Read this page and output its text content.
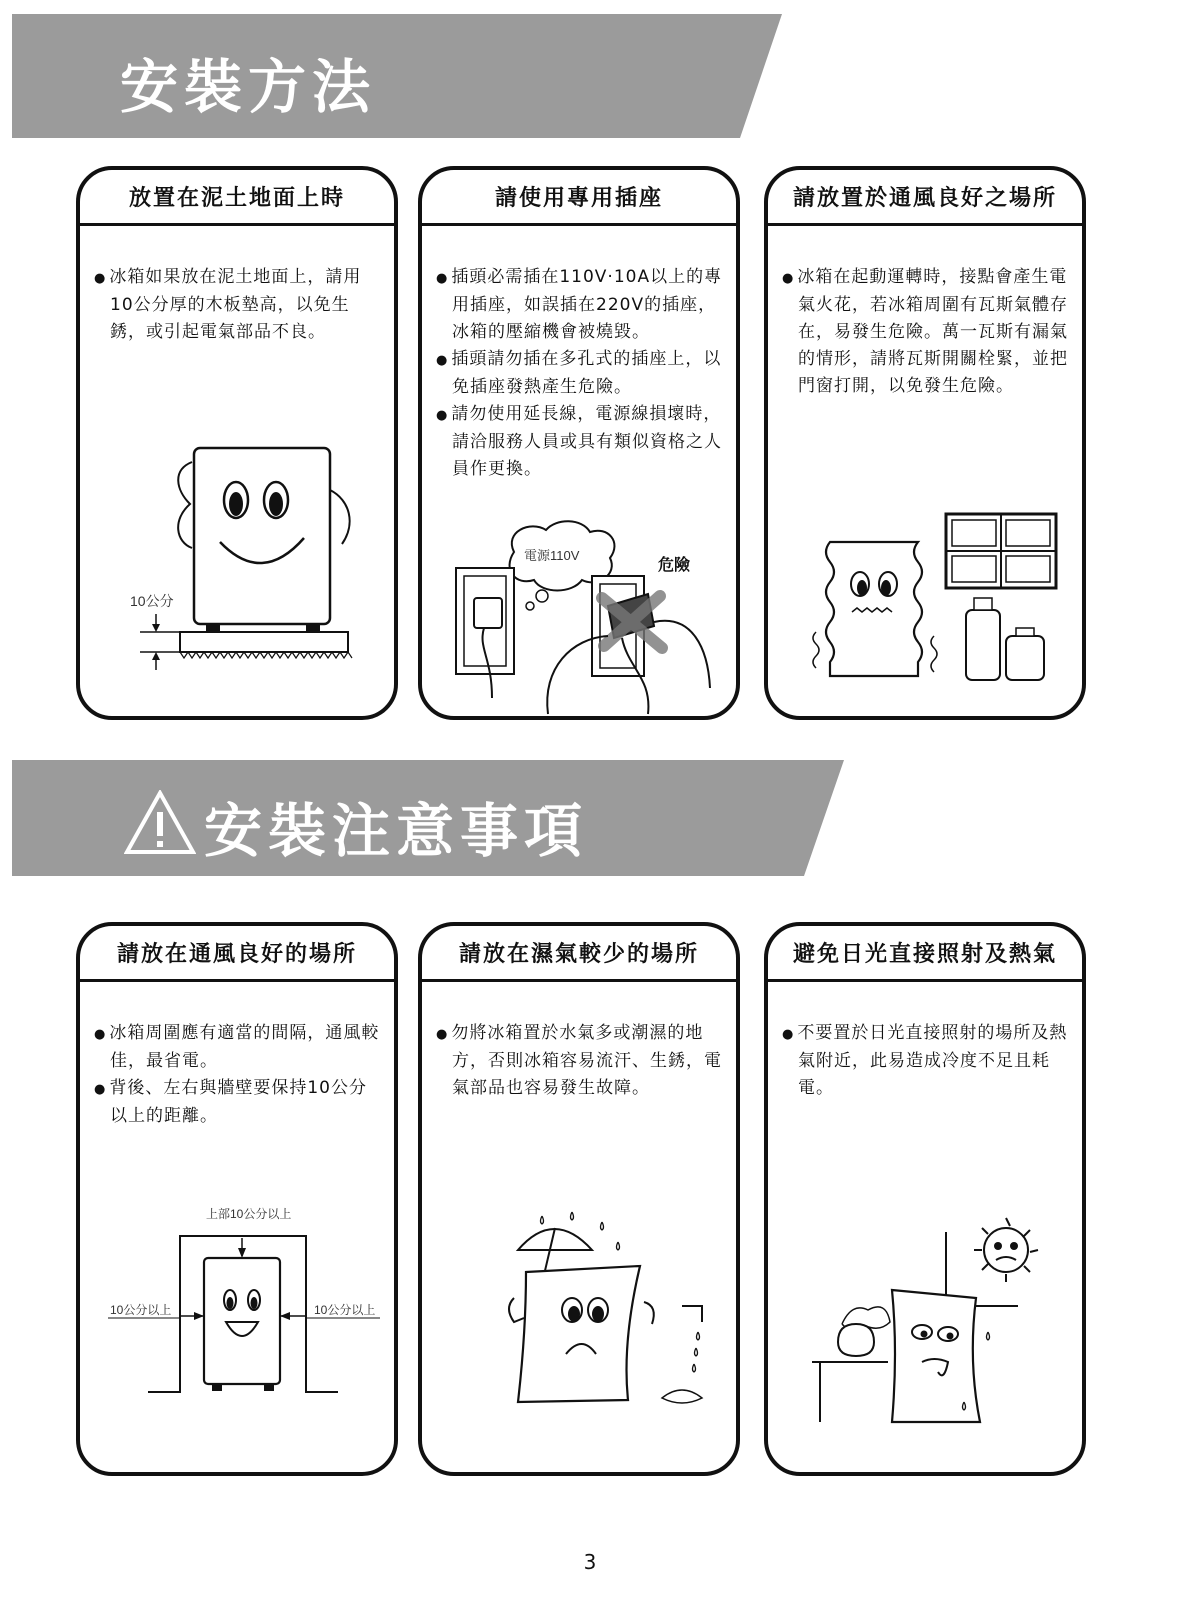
安裝方法
放置在泥土地面上時

● 冰箱如果放在泥土地面上，請用10公分厚的木板墊高，以免生銹，或引起電氣部品不良。

10公分
請使用專用插座

● 插頭必需插在110V‧10A以上的專用插座，如誤插在220V的插座，冰箱的壓縮機會被燒毀。

● 插頭請勿插在多孔式的插座上，以免插座發熱產生危險。

● 請勿使用延長線，電源線損壞時，請洽服務人員或具有類似資格之人員作更換。

電源110V
危險
請放置於通風良好之場所

● 冰箱在起動運轉時，接點會產生電氣火花，若冰箱周圍有瓦斯氣體存在，易發生危險。萬一瓦斯有漏氣的情形，請將瓦斯開關栓緊，並把門窗打開，以免發生危險。

安裝注意事項
請放在通風良好的場所

● 冰箱周圍應有適當的間隔，通風較佳，最省電。

● 背後、左右與牆壁要保持10公分以上的距離。

上部10公分以上
10公分以上	10公分以上
請放在濕氣較少的場所

● 勿將冰箱置於水氣多或潮濕的地方，否則冰箱容易流汗、生銹，電氣部品也容易發生故障。

避免日光直接照射及熱氣

● 不要置於日光直接照射的場所及熱氣附近，此易造成冷度不足且耗電。

3
